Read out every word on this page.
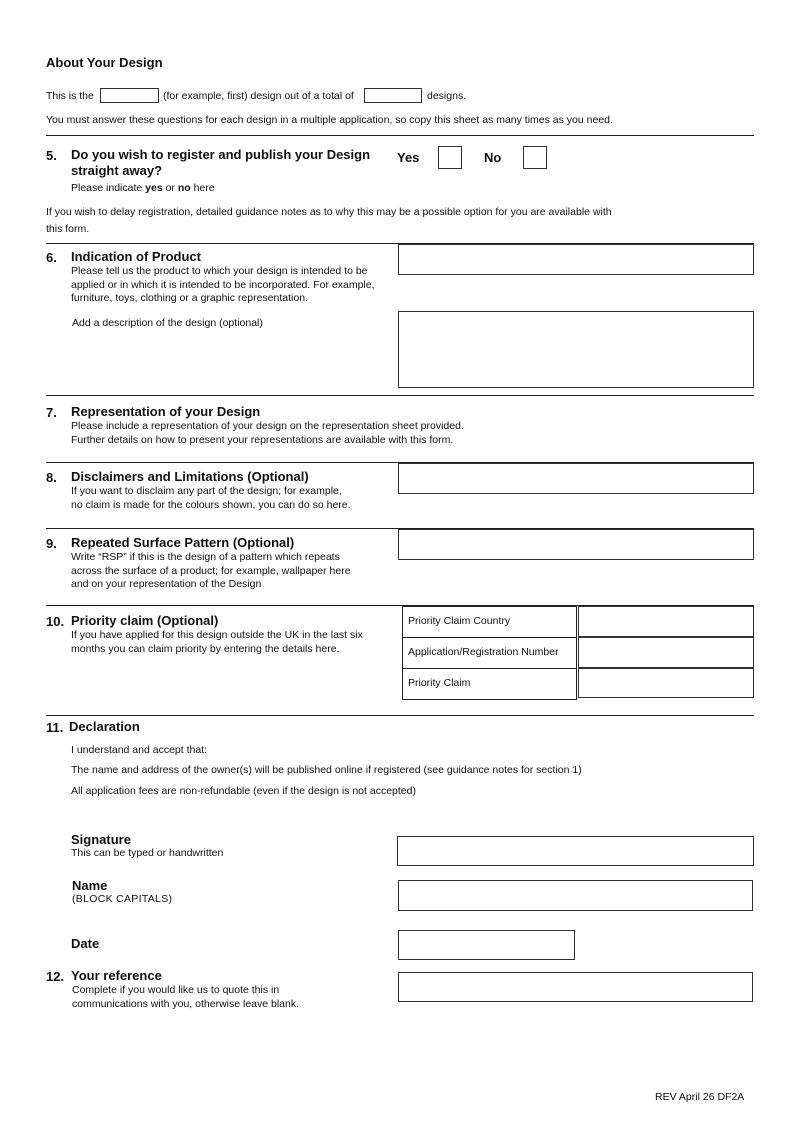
About Your Design
This is the	(for example, first) design out of a total of	designs.
You must answer these questions for each design in a multiple application, so copy this sheet as many times as you need.
5. Do you wish to register and publish your Design
straight away?
Please indicate yes or no here
Yes	No
If you wish to delay registration, detailed guidance notes as to why this may be a possible option for you are available with
this form.
6. Indication of Product
Please tell us the product to which your design is intended to be
applied or in which it is intended to be incorporated. For example,
furniture, toys, clothing or a graphic representation.
Add a description of the design (optional)
7. Representation of your Design
Please include a representation of your design on the representation sheet provided.
Further details on how to present your representations are available with this form.
8. Disclaimers and Limitations (Optional)
If you want to disclaim any part of the design; for example,
no claim is made for the colours shown, you can do so here.
9. Repeated Surface Pattern (Optional)
Write “RSP” if this is the design of a pattern which repeats
across the surface of a product; for example, wallpaper here
and on your representation of the Design
10. Priority claim (Optional)
If you have applied for this design outside the UK in the last six
months you can claim priority by entering the details here.
Priority Claim Country
Application/Registration Number
Priority Claim
11. Declaration
I understand and accept that:
The name and address of the owner(s) will be published online if registered (see guidance notes for section 1)
All application fees are non-refundable (even if the design is not accepted)
Signature
This can be typed or handwritten
Name
(BLOCK CAPITALS)
Date
12. Your reference
Complete if you would like us to quote this in
communications with you, otherwise leave blank.
REV April 26 DF2A
